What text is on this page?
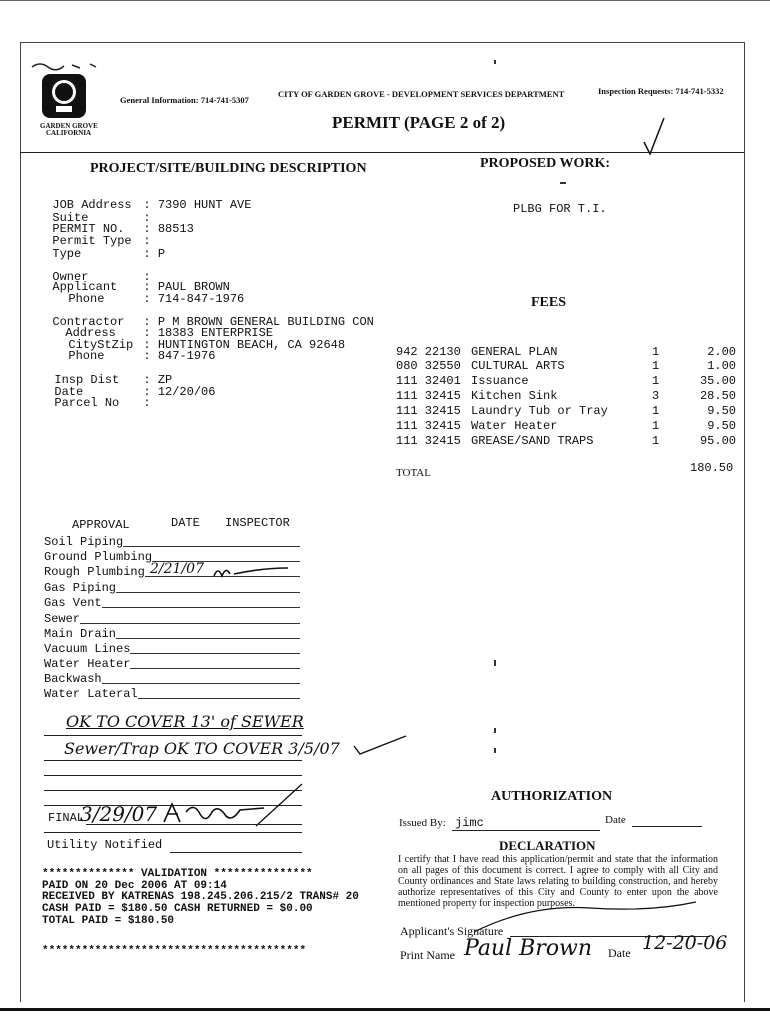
GARDEN GROVE
CALIFORNIA
General Information: 714-741-5307
CITY OF GARDEN GROVE - DEVELOPMENT SERVICES DEPARTMENT	Inspection Requests: 714-741-5332
PERMIT (PAGE 2 of 2)
PROJECT/SITE/BUILDING DESCRIPTION

JOB Address : 7390 HUNT AVE

Suite	:

PERMIT NO. : 88513

Permit Type :

Type	: P

Owner	:

Applicant : PAUL BROWN

Phone	: 714-847-1976

Contractor : P M BROWN GENERAL BUILDING CON

Address : 18383 ENTERPRISE

CityStZip : HUNTINGTON BEACH, CA 92648

Phone	: 847-1976

Insp Dist : ZP

Date	: 12/20/06

Parcel No :

PROPOSED WORK:
PLBG FOR T.I.
FEES
942 22130 GENERAL PLAN	1	2.00
080 32550 CULTURAL ARTS	1	1.00
111 32401 Issuance	1	35.00
111 32415 Kitchen Sink	3	28.50
111 32415 Laundry Tub or Tray	1	9.50
111 32415 Water Heater	1	9.50
111 32415 GREASE/SAND TRAPS	1	95.00
TOTAL	180.50
APPROVAL	DATE INSPECTOR
Soil Piping
Ground Plumbing
Rough Plumbing
Gas Piping
Gas Vent
Sewer
Main Drain
Vacuum Lines
Water Heater
Backwash
Water Lateral
2/21/07
OK TO COVER 13' of SEWER
Sewer/Trap OK TO COVER 3/5/07
FINAL
3/29/07
Utility Notified
************** VALIDATION ***************
PAID ON 20 Dec 2006 AT 09:14
RECEIVED BY KATRENAS 198.245.206.215/2 TRANS# 20
CASH PAID = $180.50 CASH RETURNED = $0.00
TOTAL PAID = $180.50
****************************************
AUTHORIZATION
Issued By: jimc	Date
DECLARATION
I certify that I have read this application/permit and state that the information on all pages of this document is correct. I agree to comply with all City and County ordinances and State laws relating to building construction, and hereby authorize representatives of this City and County to enter upon the above mentioned property for inspection purposes.
Applicant's Signature
Print Name Paul Brown Date 12-20-06
